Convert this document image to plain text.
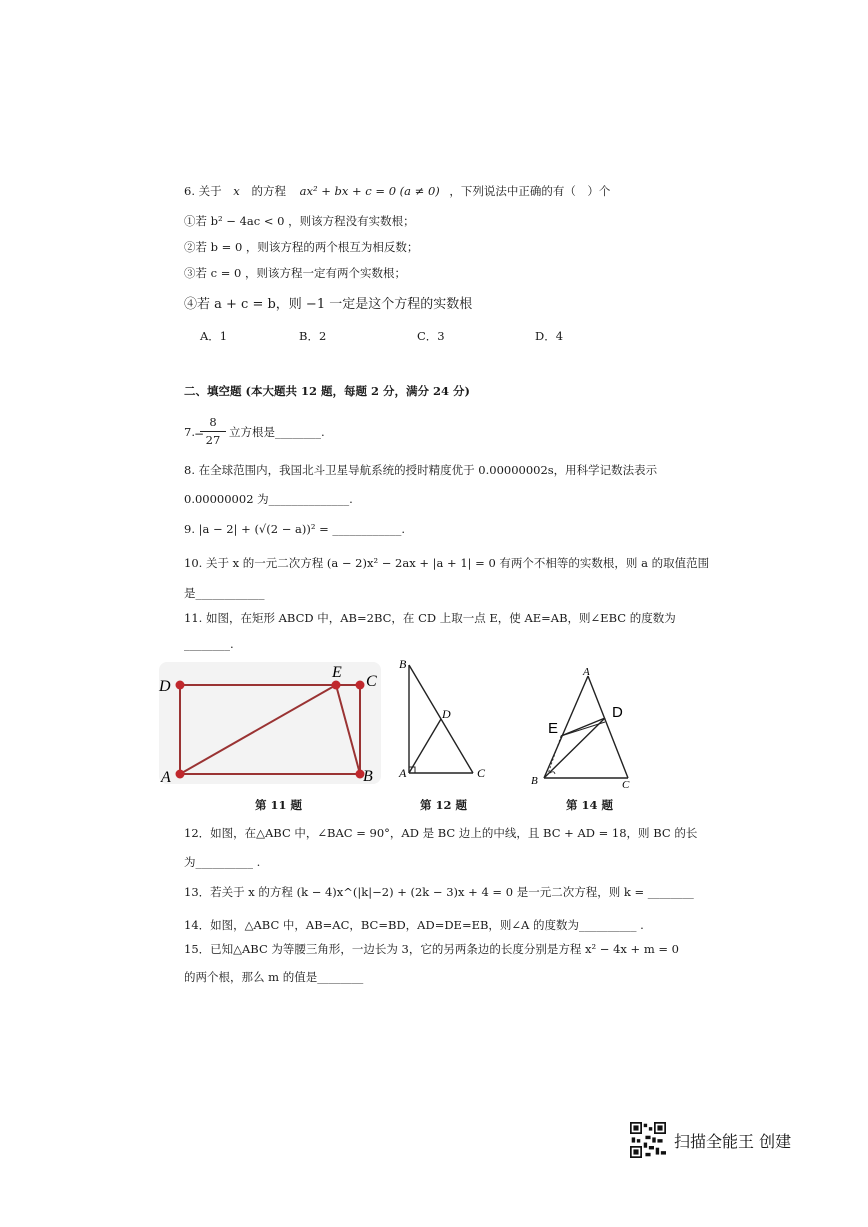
6. 关于 x 的方程 ax² + bx + c = 0 (a ≠ 0) ，下列说法中正确的有（　）个
①若 b² − 4ac < 0 ，则该方程没有实数根；
②若 b = 0 ，则该方程的两个根互为相反数；
③若 c = 0 ，则该方程一定有两个实数根；
④若 a + c = b，则 −1 一定是这个方程的实数根
A．1	B．2	C．3	D．4
二、填空题 (本大题共 12 题，每题 2 分，满分 24 分)
7. −
8
27
立方根是________.
8. 在全球范围内，我国北斗卫星导航系统的授时精度优于 0.00000002s，用科学记数法表示
0.00000002 为______________.
9. |a − 2| + (√(2 − a))² = ____________.
10. 关于 x 的一元二次方程 (a − 2)x² − 2ax + |a + 1| = 0 有两个不相等的实数根，则 a 的取值范围
是____________
11. 如图，在矩形 ABCD 中，AB=2BC，在 CD 上取一点 E，使 AE=AB，则∠EBC 的度数为
________.
D
E
C
A	B
B
D
A	C
A
D
E
B	C
第 11 题	第 12 题	第 14 题
12．如图，在△ABC 中，∠BAC = 90°，AD 是 BC 边上的中线，且 BC + AD = 18，则 BC 的长
为__________ .
13．若关于 x 的方程 (k − 4)x^(|k|−2) + (2k − 3)x + 4 = 0 是一元二次方程，则 k = ________
14．如图，△ABC 中，AB=AC，BC=BD，AD=DE=EB，则∠A 的度数为__________ .
15．已知△ABC 为等腰三角形，一边长为 3，它的另两条边的长度分别是方程 x² − 4x + m = 0
的两个根，那么 m 的值是________
扫描全能王 创建
